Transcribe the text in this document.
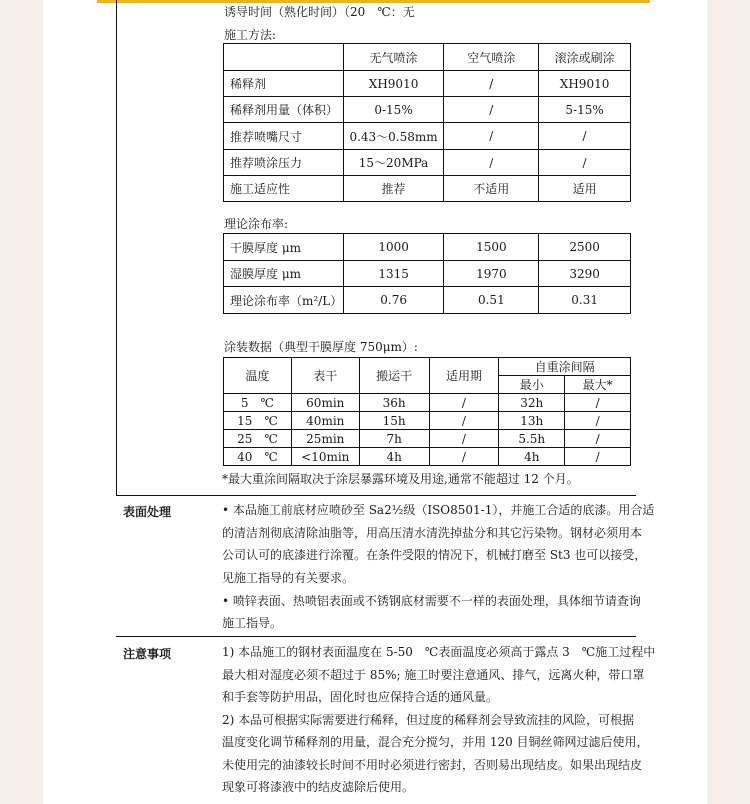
诱导时间（熟化时间）（20　℃：无
施工方法:
	无气喷涂	空气喷涂	滚涂或刷涂
稀释剂	XH9010	/	XH9010
稀释剂用量（体积）	0-15%	/	5-15%
推荐喷嘴尺寸	0.43～0.58mm	/	/
推荐喷涂压力	15～20MPa	/	/
施工适应性	推荐	不适用	适用
理论涂布率:
干膜厚度 μm	1000	1500	2500
湿膜厚度 μm	1315	1970	3290
理论涂布率（m²/L）	0.76	0.51	0.31
涂装数据（典型干膜厚度 750μm）:
温度	表干	搬运干	适用期	自重涂间隔	
				最小	最大*
5　℃	60min	36h	/	32h	/
15　℃	40min	15h	/	13h	/
25　℃	25min	7h	/	5.5h	/
40　℃	<10min	4h	/	4h	/
*最大重涂间隔取决于涂层暴露环境及用途,通常不能超过 12 个月。
表面处理	• 本品施工前底材应喷砂至 Sa2½级（ISO8501-1），并施工合适的底漆。用合适
的清洁剂彻底清除油脂等，用高压清水清洗掉盐分和其它污染物。钢材必须用本
公司认可的底漆进行涂覆。在条件受限的情况下，机械打磨至 St3 也可以接受，
见施工指导的有关要求。
• 喷锌表面、热喷铝表面或不锈钢底材需要不一样的表面处理，具体细节请查询
施工指导。
注意事项	1) 本品施工的钢材表面温度在 5-50　℃表面温度必须高于露点 3　℃施工过程中
最大相对湿度必须不超过于 85%; 施工时要注意通风、排气，远离火种，带口罩
和手套等防护用品，固化时也应保持合适的通风量。
2) 本品可根据实际需要进行稀释，但过度的稀释剂会导致流挂的风险，可根据
温度变化调节稀释剂的用量，混合充分搅匀，并用 120 目铜丝筛网过滤后使用，
未使用完的油漆较长时间不用时必须进行密封，否则易出现结皮。如果出现结皮
现象可将漆液中的结皮滤除后使用。
